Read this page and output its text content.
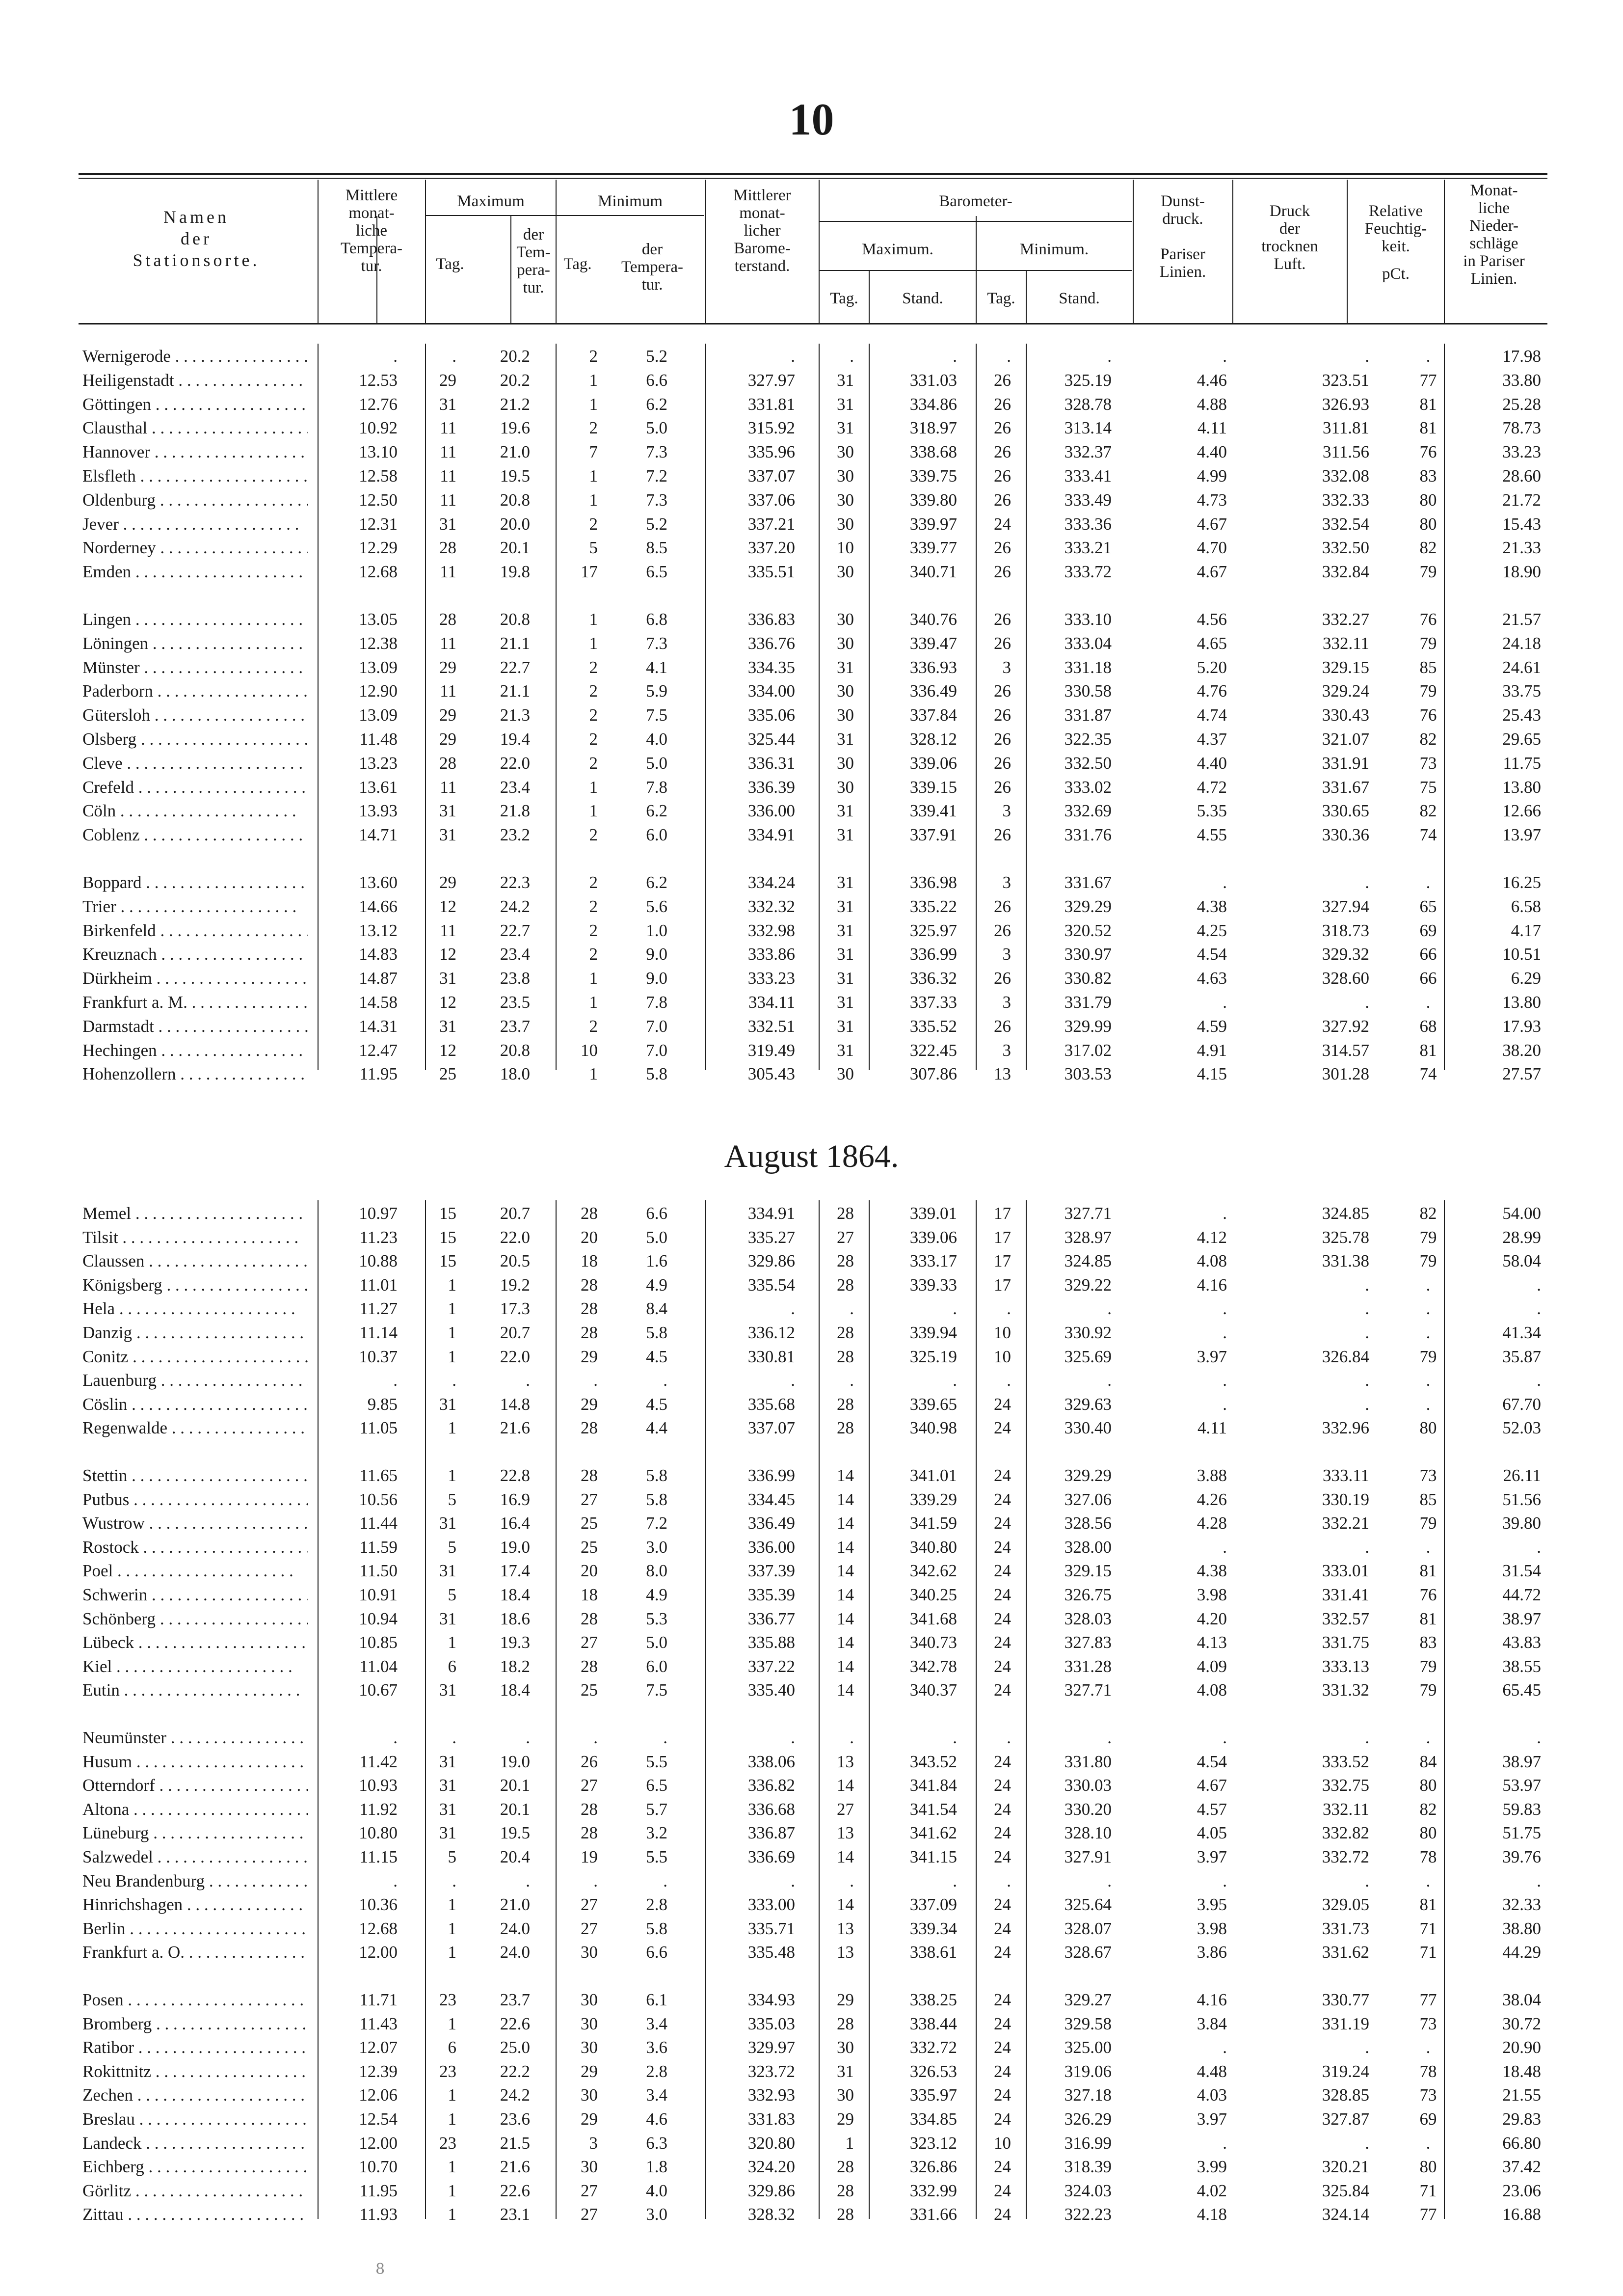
10
Namen
der
Stationsorte.
Mittlere
monat-
liche
Tempera-
tur.
Maximum
Tag.
der
Tem-
pera-
tur.
Minimum
Tag.
der
Tempera-
tur.
Mittlerer
monat-
licher
Barome-
terstand.
Barometer-
Maximum.	Minimum.
Tag.	Stand.	Tag.	Stand.
Dunst-
druck.
Pariser
Linien.
Druck
der
trocknen
Luft.
Relative
Feuchtig-
keit.
pCt.
Monat-
liche
Nieder-
schläge
in Pariser
Linien.
Wernigerode . . .	.	.	20.2	2	5.2	.	.	.	.	.	.	.	.	17.98
Heiligenstadt . . .	12.53	29	20.2	1	6.6	327.97	31	331.03	26	325.19	4.46	323.51	77	33.80
Göttingen . . .	12.76	31	21.2	1	6.2	331.81	31	334.86	26	328.78	4.88	326.93	81	25.28
Clausthal . . .	10.92	11	19.6	2	5.0	315.92	31	318.97	26	313.14	4.11	311.81	81	78.73
Hannover . . .	13.10	11	21.0	7	7.3	335.96	30	338.68	26	332.37	4.40	311.56	76	33.23
Elsfleth . . .	12.58	11	19.5	1	7.2	337.07	30	339.75	26	333.41	4.99	332.08	83	28.60
Oldenburg . . .	12.50	11	20.8	1	7.3	337.06	30	339.80	26	333.49	4.73	332.33	80	21.72
Jever . . .	12.31	31	20.0	2	5.2	337.21	30	339.97	24	333.36	4.67	332.54	80	15.43
Norderney . . .	12.29	28	20.1	5	8.5	337.20	10	339.77	26	333.21	4.70	332.50	82	21.33
Emden . . .	12.68	11	19.8	17	6.5	335.51	30	340.71	26	333.72	4.67	332.84	79	18.90
Lingen . . .	13.05	28	20.8	1	6.8	336.83	30	340.76	26	333.10	4.56	332.27	76	21.57
Löningen . . .	12.38	11	21.1	1	7.3	336.76	30	339.47	26	333.04	4.65	332.11	79	24.18
Münster . . .	13.09	29	22.7	2	4.1	334.35	31	336.93	3	331.18	5.20	329.15	85	24.61
Paderborn . . .	12.90	11	21.1	2	5.9	334.00	30	336.49	26	330.58	4.76	329.24	79	33.75
Gütersloh . . .	13.09	29	21.3	2	7.5	335.06	30	337.84	26	331.87	4.74	330.43	76	25.43
Olsberg . . .	11.48	29	19.4	2	4.0	325.44	31	328.12	26	322.35	4.37	321.07	82	29.65
Cleve . . .	13.23	28	22.0	2	5.0	336.31	30	339.06	26	332.50	4.40	331.91	73	11.75
Crefeld . . .	13.61	11	23.4	1	7.8	336.39	30	339.15	26	333.02	4.72	331.67	75	13.80
Cöln . . .	13.93	31	21.8	1	6.2	336.00	31	339.41	3	332.69	5.35	330.65	82	12.66
Coblenz . . .	14.71	31	23.2	2	6.0	334.91	31	337.91	26	331.76	4.55	330.36	74	13.97
Boppard . . .	13.60	29	22.3	2	6.2	334.24	31	336.98	3	331.67	.	.	.	16.25
Trier . . .	14.66	12	24.2	2	5.6	332.32	31	335.22	26	329.29	4.38	327.94	65	6.58
Birkenfeld . . .	13.12	11	22.7	2	1.0	332.98	31	325.97	26	320.52	4.25	318.73	69	4.17
Kreuznach . . .	14.83	12	23.4	2	9.0	333.86	31	336.99	3	330.97	4.54	329.32	66	10.51
Dürkheim . . .	14.87	31	23.8	1	9.0	333.23	31	336.32	26	330.82	4.63	328.60	66	6.29
Frankfurt a. M. . . .	14.58	12	23.5	1	7.8	334.11	31	337.33	3	331.79	.	.	.	13.80
Darmstadt . . .	14.31	31	23.7	2	7.0	332.51	31	335.52	26	329.99	4.59	327.92	68	17.93
Hechingen . . .	12.47	12	20.8	10	7.0	319.49	31	322.45	3	317.02	4.91	314.57	81	38.20
Hohenzollern . . .	11.95	25	18.0	1	5.8	305.43	30	307.86	13	303.53	4.15	301.28	74	27.57
August 1864.
Memel . . .	10.97	15	20.7	28	6.6	334.91	28	339.01	17	327.71	.	324.85	82	54.00
Tilsit . . .	11.23	15	22.0	20	5.0	335.27	27	339.06	17	328.97	4.12	325.78	79	28.99
Claussen . . .	10.88	15	20.5	18	1.6	329.86	28	333.17	17	324.85	4.08	331.38	79	58.04
Königsberg . . .	11.01	1	19.2	28	4.9	335.54	28	339.33	17	329.22	4.16	.	.	.
Hela . . .	11.27	1	17.3	28	8.4	.	.	.	.	.	.	.	.	.
Danzig . . .	11.14	1	20.7	28	5.8	336.12	28	339.94	10	330.92	.	.	.	41.34
Conitz . . .	10.37	1	22.0	29	4.5	330.81	28	325.19	10	325.69	3.97	326.84	79	35.87
Lauenburg . . .	.	.	.	.	.	.	.	.	.	.	.	.	.	.
Cöslin . . .	9.85	31	14.8	29	4.5	335.68	28	339.65	24	329.63	.	.	.	67.70
Regenwalde . . .	11.05	1	21.6	28	4.4	337.07	28	340.98	24	330.40	4.11	332.96	80	52.03
Stettin . . .	11.65	1	22.8	28	5.8	336.99	14	341.01	24	329.29	3.88	333.11	73	26.11
Putbus . . .	10.56	5	16.9	27	5.8	334.45	14	339.29	24	327.06	4.26	330.19	85	51.56
Wustrow . . .	11.44	31	16.4	25	7.2	336.49	14	341.59	24	328.56	4.28	332.21	79	39.80
Rostock . . .	11.59	5	19.0	25	3.0	336.00	14	340.80	24	328.00	.	.	.	.
Poel . . .	11.50	31	17.4	20	8.0	337.39	14	342.62	24	329.15	4.38	333.01	81	31.54
Schwerin . . .	10.91	5	18.4	18	4.9	335.39	14	340.25	24	326.75	3.98	331.41	76	44.72
Schönberg . . .	10.94	31	18.6	28	5.3	336.77	14	341.68	24	328.03	4.20	332.57	81	38.97
Lübeck . . .	10.85	1	19.3	27	5.0	335.88	14	340.73	24	327.83	4.13	331.75	83	43.83
Kiel . . .	11.04	6	18.2	28	6.0	337.22	14	342.78	24	331.28	4.09	333.13	79	38.55
Eutin . . .	10.67	31	18.4	25	7.5	335.40	14	340.37	24	327.71	4.08	331.32	79	65.45
Neumünster . . .	.	.	.	.	.	.	.	.	.	.	.	.	.	.
Husum . . .	11.42	31	19.0	26	5.5	338.06	13	343.52	24	331.80	4.54	333.52	84	38.97
Otterndorf . . .	10.93	31	20.1	27	6.5	336.82	14	341.84	24	330.03	4.67	332.75	80	53.97
Altona . . .	11.92	31	20.1	28	5.7	336.68	27	341.54	24	330.20	4.57	332.11	82	59.83
Lüneburg . . .	10.80	31	19.5	28	3.2	336.87	13	341.62	24	328.10	4.05	332.82	80	51.75
Salzwedel . . .	11.15	5	20.4	19	5.5	336.69	14	341.15	24	327.91	3.97	332.72	78	39.76
Neu Brandenburg . . .	.	.	.	.	.	.	.	.	.	.	.	.	.	.
Hinrichshagen . . .	10.36	1	21.0	27	2.8	333.00	14	337.09	24	325.64	3.95	329.05	81	32.33
Berlin . . .	12.68	1	24.0	27	5.8	335.71	13	339.34	24	328.07	3.98	331.73	71	38.80
Frankfurt a. O. . . .	12.00	1	24.0	30	6.6	335.48	13	338.61	24	328.67	3.86	331.62	71	44.29
Posen . . .	11.71	23	23.7	30	6.1	334.93	29	338.25	24	329.27	4.16	330.77	77	38.04
Bromberg . . .	11.43	1	22.6	30	3.4	335.03	28	338.44	24	329.58	3.84	331.19	73	30.72
Ratibor . . .	12.07	6	25.0	30	3.6	329.97	30	332.72	24	325.00	.	.	.	20.90
Rokittnitz . . .	12.39	23	22.2	29	2.8	323.72	31	326.53	24	319.06	4.48	319.24	78	18.48
Zechen . . .	12.06	1	24.2	30	3.4	332.93	30	335.97	24	327.18	4.03	328.85	73	21.55
Breslau . . .	12.54	1	23.6	29	4.6	331.83	29	334.85	24	326.29	3.97	327.87	69	29.83
Landeck . . .	12.00	23	21.5	3	6.3	320.80	1	323.12	10	316.99	.	.	.	66.80
Eichberg . . .	10.70	1	21.6	30	1.8	324.20	28	326.86	24	318.39	3.99	320.21	80	37.42
Görlitz . . .	11.95	1	22.6	27	4.0	329.86	28	332.99	24	324.03	4.02	325.84	71	23.06
Zittau . . .	11.93	1	23.1	27	3.0	328.32	28	331.66	24	322.23	4.18	324.14	77	16.88
8
